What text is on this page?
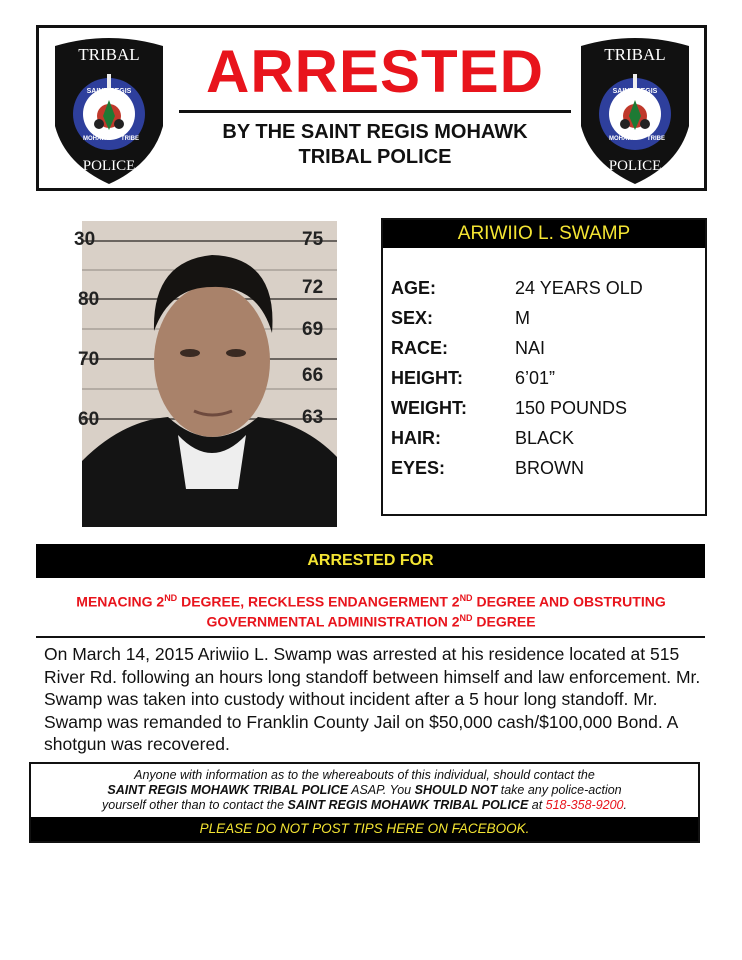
TRIBAL
POLICE
SAINT REGIS
MOHAWK TRIBE
ARRESTED
BY THE SAINT REGIS MOHAWK
TRIBAL POLICE
TRIBAL
POLICE
SAINT REGIS
MOHAWK TRIBE
75
72
69
66
63
80
70
60
30	ARIWIIO L. SWAMP
AGE:	24 YEARS OLD
SEX:	M
RACE:	NAI
HEIGHT:	6’01”
WEIGHT:	150 POUNDS
HAIR:	BLACK
EYES:	BROWN
ARRESTED FOR
MENACING 2ND DEGREE, RECKLESS ENDANGERMENT 2ND DEGREE AND OBSTRUTING
GOVERNMENTAL ADMINISTRATION 2ND DEGREE
On March 14, 2015 Ariwiio L. Swamp was arrested at his residence located at 515 River Rd. following an hours long standoff between himself and law enforcement. Mr. Swamp was taken into custody without incident after a 5 hour long standoff. Mr. Swamp was remanded to Franklin County Jail on $50,000 cash/$100,000 Bond. A shotgun was recovered.
Anyone with information as to the whereabouts of this individual, should contact the
SAINT REGIS MOHAWK TRIBAL POLICE ASAP. You SHOULD NOT take any police-action
yourself other than to contact the SAINT REGIS MOHAWK TRIBAL POLICE at 518-358-9200.
PLEASE DO NOT POST TIPS HERE ON FACEBOOK.
